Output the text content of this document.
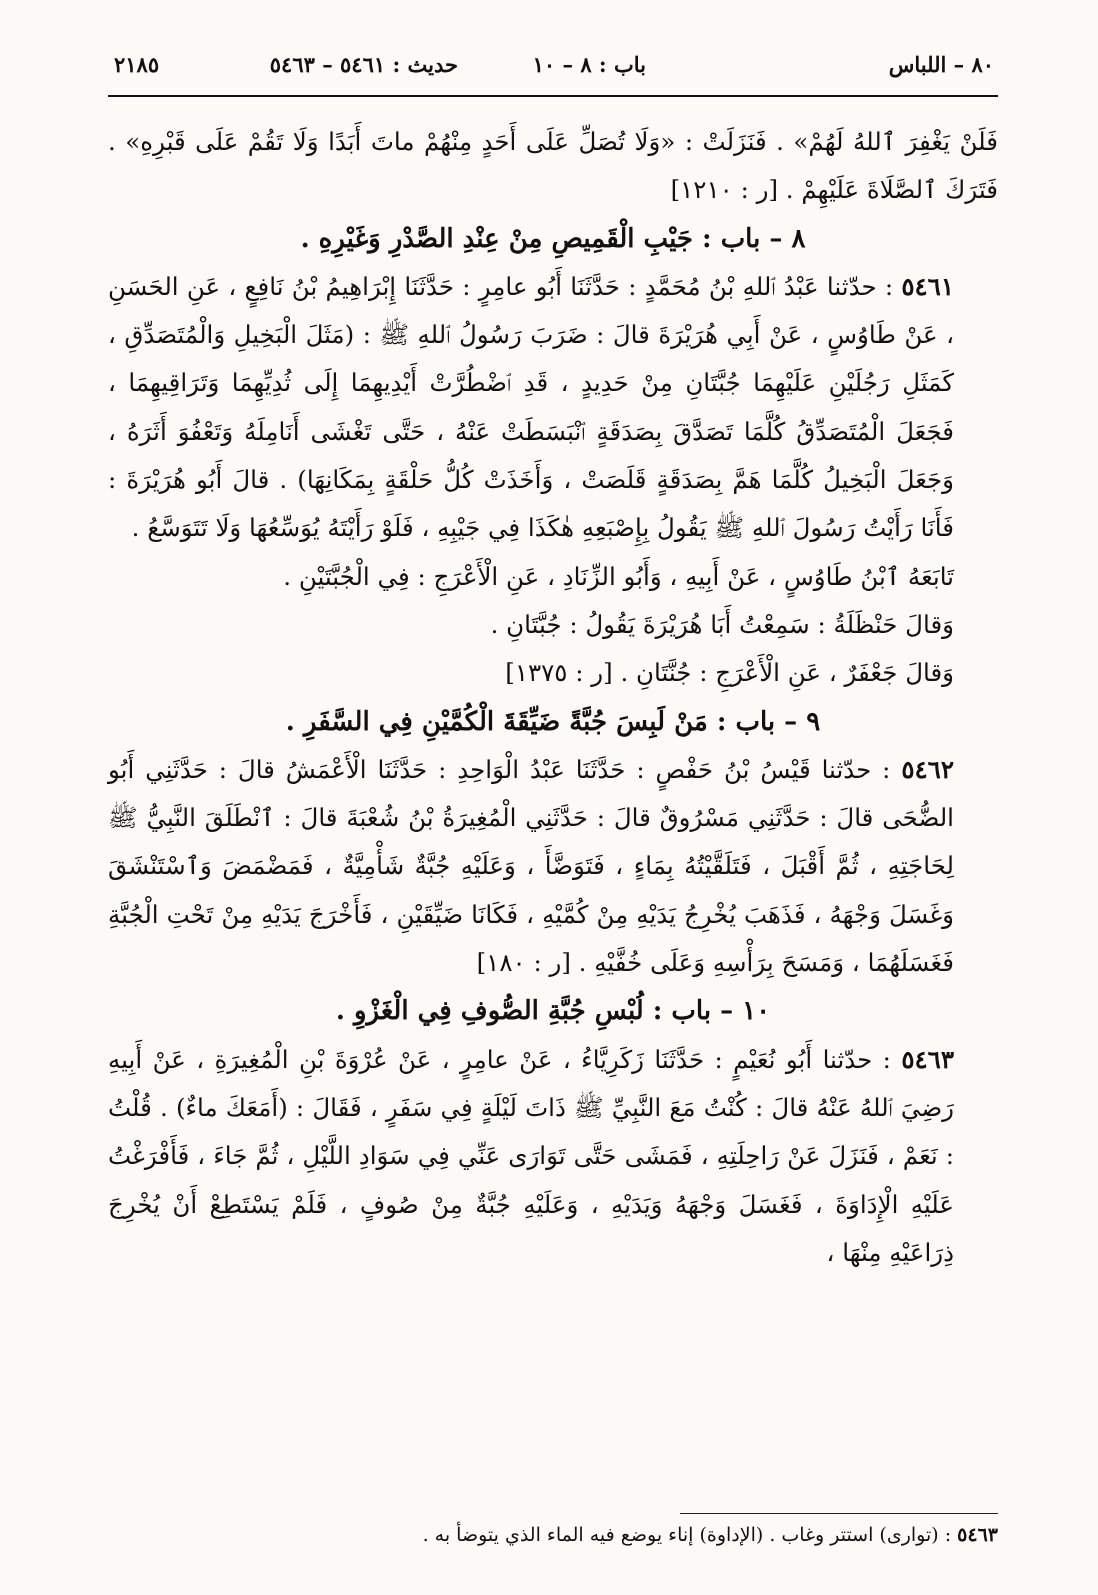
٨٠ – اللباس
باب : ٨ – ١٠
حديث : ٥٤٦١ – ٥٤٦٣
٢١٨٥

فَلَنْ يَغْفِرَ ٱللهُ لَهُمْ» . فَنَزَلَتْ : «وَلَا تُصَلِّ عَلَى أَحَدٍ مِنْهُمْ ماتَ أَبَدًا وَلَا تَقُمْ عَلَى قَبْرِهِ» . فَتَرَكَ ٱلصَّلَاةَ عَلَيْهِمْ . [ر : ١٢١٠]

٨ – باب : جَيْبِ الْقَمِيصِ مِنْ عِنْدِ الصَّدْرِ وَغَيْرِهِ .

٥٤٦١ : حدّثنا عَبْدُ ٱللهِ بْنُ مُحَمَّدٍ : حَدَّثَنَا أَبُو عامِرٍ : حَدَّثَنَا إِبْرَاهِيمُ بْنُ نَافِعٍ ، عَنِ الحَسَنِ ، عَنْ طَاوُسٍ ، عَنْ أَبِي هُرَيْرَةَ قالَ : ضَرَبَ رَسُولُ ٱللهِ ﷺ : (مَثَلَ الْبَخِيلِ وَالْمُتَصَدِّقِ ، كَمَثَلِ رَجُلَيْنِ عَلَيْهِمَا جُبَّتَانِ مِنْ حَدِيدٍ ، قَدِ ٱضْطُرَّتْ أَيْدِيهِمَا إِلَى ثُدِيِّهِمَا وَتَرَاقِيهِمَا ، فَجَعَلَ الْمُتَصَدِّقُ كُلَّمَا تَصَدَّقَ بِصَدَقَةٍ ٱنْبَسَطَتْ عَنْهُ ، حَتَّى تَغْشَى أَنَامِلَهُ وَتَعْفُوَ أَثَرَهُ ، وَجَعَلَ الْبَخِيلُ كُلَّمَا هَمَّ بِصَدَقَةٍ قَلَصَتْ ، وَأَخَذَتْ كُلُّ حَلْقَةٍ بِمَكَانِهَا) . قالَ أَبُو هُرَيْرَةَ : فَأَنَا رَأَيْتُ رَسُولَ ٱللهِ ﷺ يَقُولُ بِإِصْبَعِهِ هٰكَذَا فِي جَيْبِهِ ، فَلَوْ رَأَيْتَهُ يُوَسِّعُهَا وَلَا تَتَوَسَّعُ .

تَابَعَهُ ٱبْنُ طَاوُسٍ ، عَنْ أَبِيهِ ، وَأَبُو الزِّنَادِ ، عَنِ الْأَعْرَجِ : فِي الْجُبَّتَيْنِ .

وَقالَ حَنْظَلَةُ : سَمِعْتُ أَبَا هُرَيْرَةَ يَقُولُ : جُبَّتَانِ .

وَقالَ جَعْفَرٌ ، عَنِ الْأَعْرَجِ : جُنَّتَانِ . [ر : ١٣٧٥]

٩ – باب : مَنْ لَبِسَ جُبَّةً ضَيِّقَةَ الْكُمَّيْنِ فِي السَّفَرِ .

٥٤٦٢ : حدّثنا قَيْسُ بْنُ حَفْصٍ : حَدَّثَنَا عَبْدُ الْوَاحِدِ : حَدَّثَنَا الْأَعْمَشُ قالَ : حَدَّثَنِي أَبُو الضُّحَى قالَ : حَدَّثَنِي مَسْرُوقٌ قالَ : حَدَّثَنِي الْمُغِيرَةُ بْنُ شُعْبَةَ قالَ : ٱنْطَلَقَ النَّبِيُّ ﷺ لِحَاجَتِهِ ، ثُمَّ أَقْبَلَ ، فَتَلَقَّيْتُهُ بِمَاءٍ ، فَتَوَضَّأَ ، وَعَلَيْهِ جُبَّةٌ شَأْمِيَّةٌ ، فَمَضْمَضَ وَٱسْتَنْشَقَ وَغَسَلَ وَجْهَهُ ، فَذَهَبَ يُخْرِجُ يَدَيْهِ مِنْ كُمَّيْهِ ، فَكَانَا ضَيِّقَيْنِ ، فَأَخْرَجَ يَدَيْهِ مِنْ تَحْتِ الْجُبَّةِ فَغَسَلَهُمَا ، وَمَسَحَ بِرَأْسِهِ وَعَلَى خُفَّيْهِ . [ر : ١٨٠]

١٠ – باب : لُبْسِ جُبَّةِ الصُّوفِ فِي الْغَزْوِ .

٥٤٦٣ : حدّثنا أَبُو نُعَيْمٍ : حَدَّثَنَا زَكَرِيَّاءُ ، عَنْ عامِرٍ ، عَنْ عُرْوَةَ بْنِ الْمُغِيرَةِ ، عَنْ أَبِيهِ رَضِيَ ٱللهُ عَنْهُ قالَ : كُنْتُ مَعَ النَّبِيِّ ﷺ ذَاتَ لَيْلَةٍ فِي سَفَرٍ ، فَقَالَ : (أَمَعَكَ ماءٌ) . قُلْتُ : نَعَمْ ، فَنَزَلَ عَنْ رَاحِلَتِهِ ، فَمَشَى حَتَّى تَوَارَى عَنِّي فِي سَوَادِ اللَّيْلِ ، ثُمَّ جَاءَ ، فَأَفْرَغْتُ عَلَيْهِ الْإِدَاوَةَ ، فَغَسَلَ وَجْهَهُ وَيَدَيْهِ ، وَعَلَيْهِ جُبَّةٌ مِنْ صُوفٍ ، فَلَمْ يَسْتَطِعْ أَنْ يُخْرِجَ ذِرَاعَيْهِ مِنْهَا ،

٥٤٦٣ : (توارى) استتر وغاب . (الإداوة) إناء يوضع فيه الماء الذي يتوضأ به .
